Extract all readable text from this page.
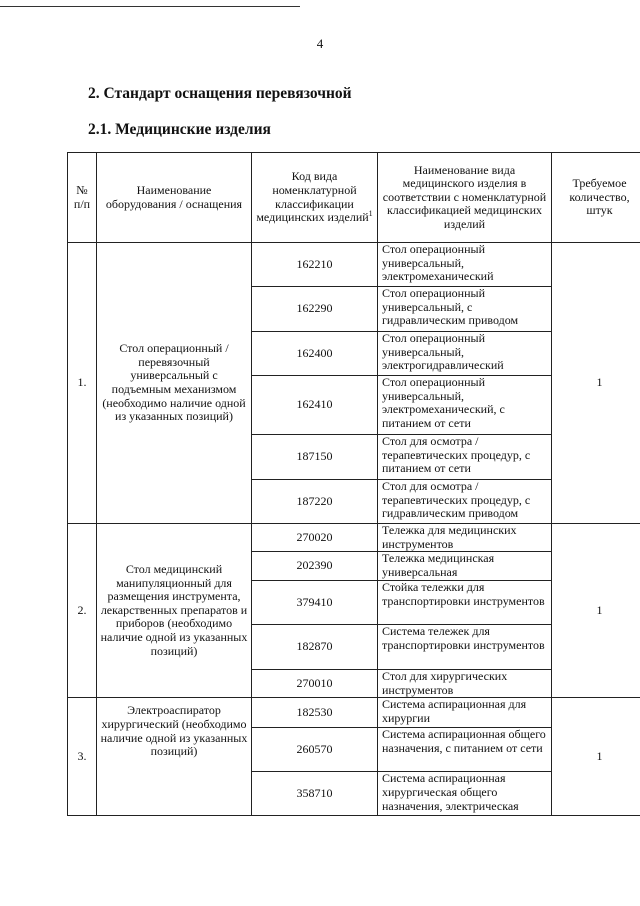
4
2. Стандарт оснащения перевязочной
2.1. Медицинские изделия
№ п/п	Наименование оборудования / оснащения	Код вида номенклатурной классификации медицинских изделий$^1$	Наименование вида медицинского изделия в соответствии с номенклатурной классификацией медицинских изделий	Требуемое количество, штук
1.	Стол операционный / перевязочный универсальный с подъемным механизмом (необходимо наличие одной из указанных позиций)	162210	Стол операционный универсальный, электромеханический	1
		162290	Стол операционный универсальный, с гидравлическим приводом	
		162400	Стол операционный универсальный, электрогидравлический	
		162410	Стол операционный универсальный, электромеханический, с питанием от сети	
		187150	Стол для осмотра / терапевтических процедур, с питанием от сети	
		187220	Стол для осмотра / терапевтических процедур, с гидравлическим приводом	
2.	Стол медицинский манипуляционный для размещения инструмента, лекарственных препаратов и приборов (необходимо наличие одной из указанных позиций)	270020	Тележка для медицинских инструментов	1
		202390	Тележка медицинская универсальная	
		379410	Стойка тележки для транспортировки инструментов	
		182870	Система тележек для транспортировки инструментов	
		270010	Стол для хирургических инструментов	
3.	Электроаспиратор хирургический (необходимо наличие одной из указанных позиций)	182530	Система аспирационная для хирургии	1
		260570	Система аспирационная общего назначения, с питанием от сети	
		358710	Система аспирационная хирургическая общего назначения, электрическая	
